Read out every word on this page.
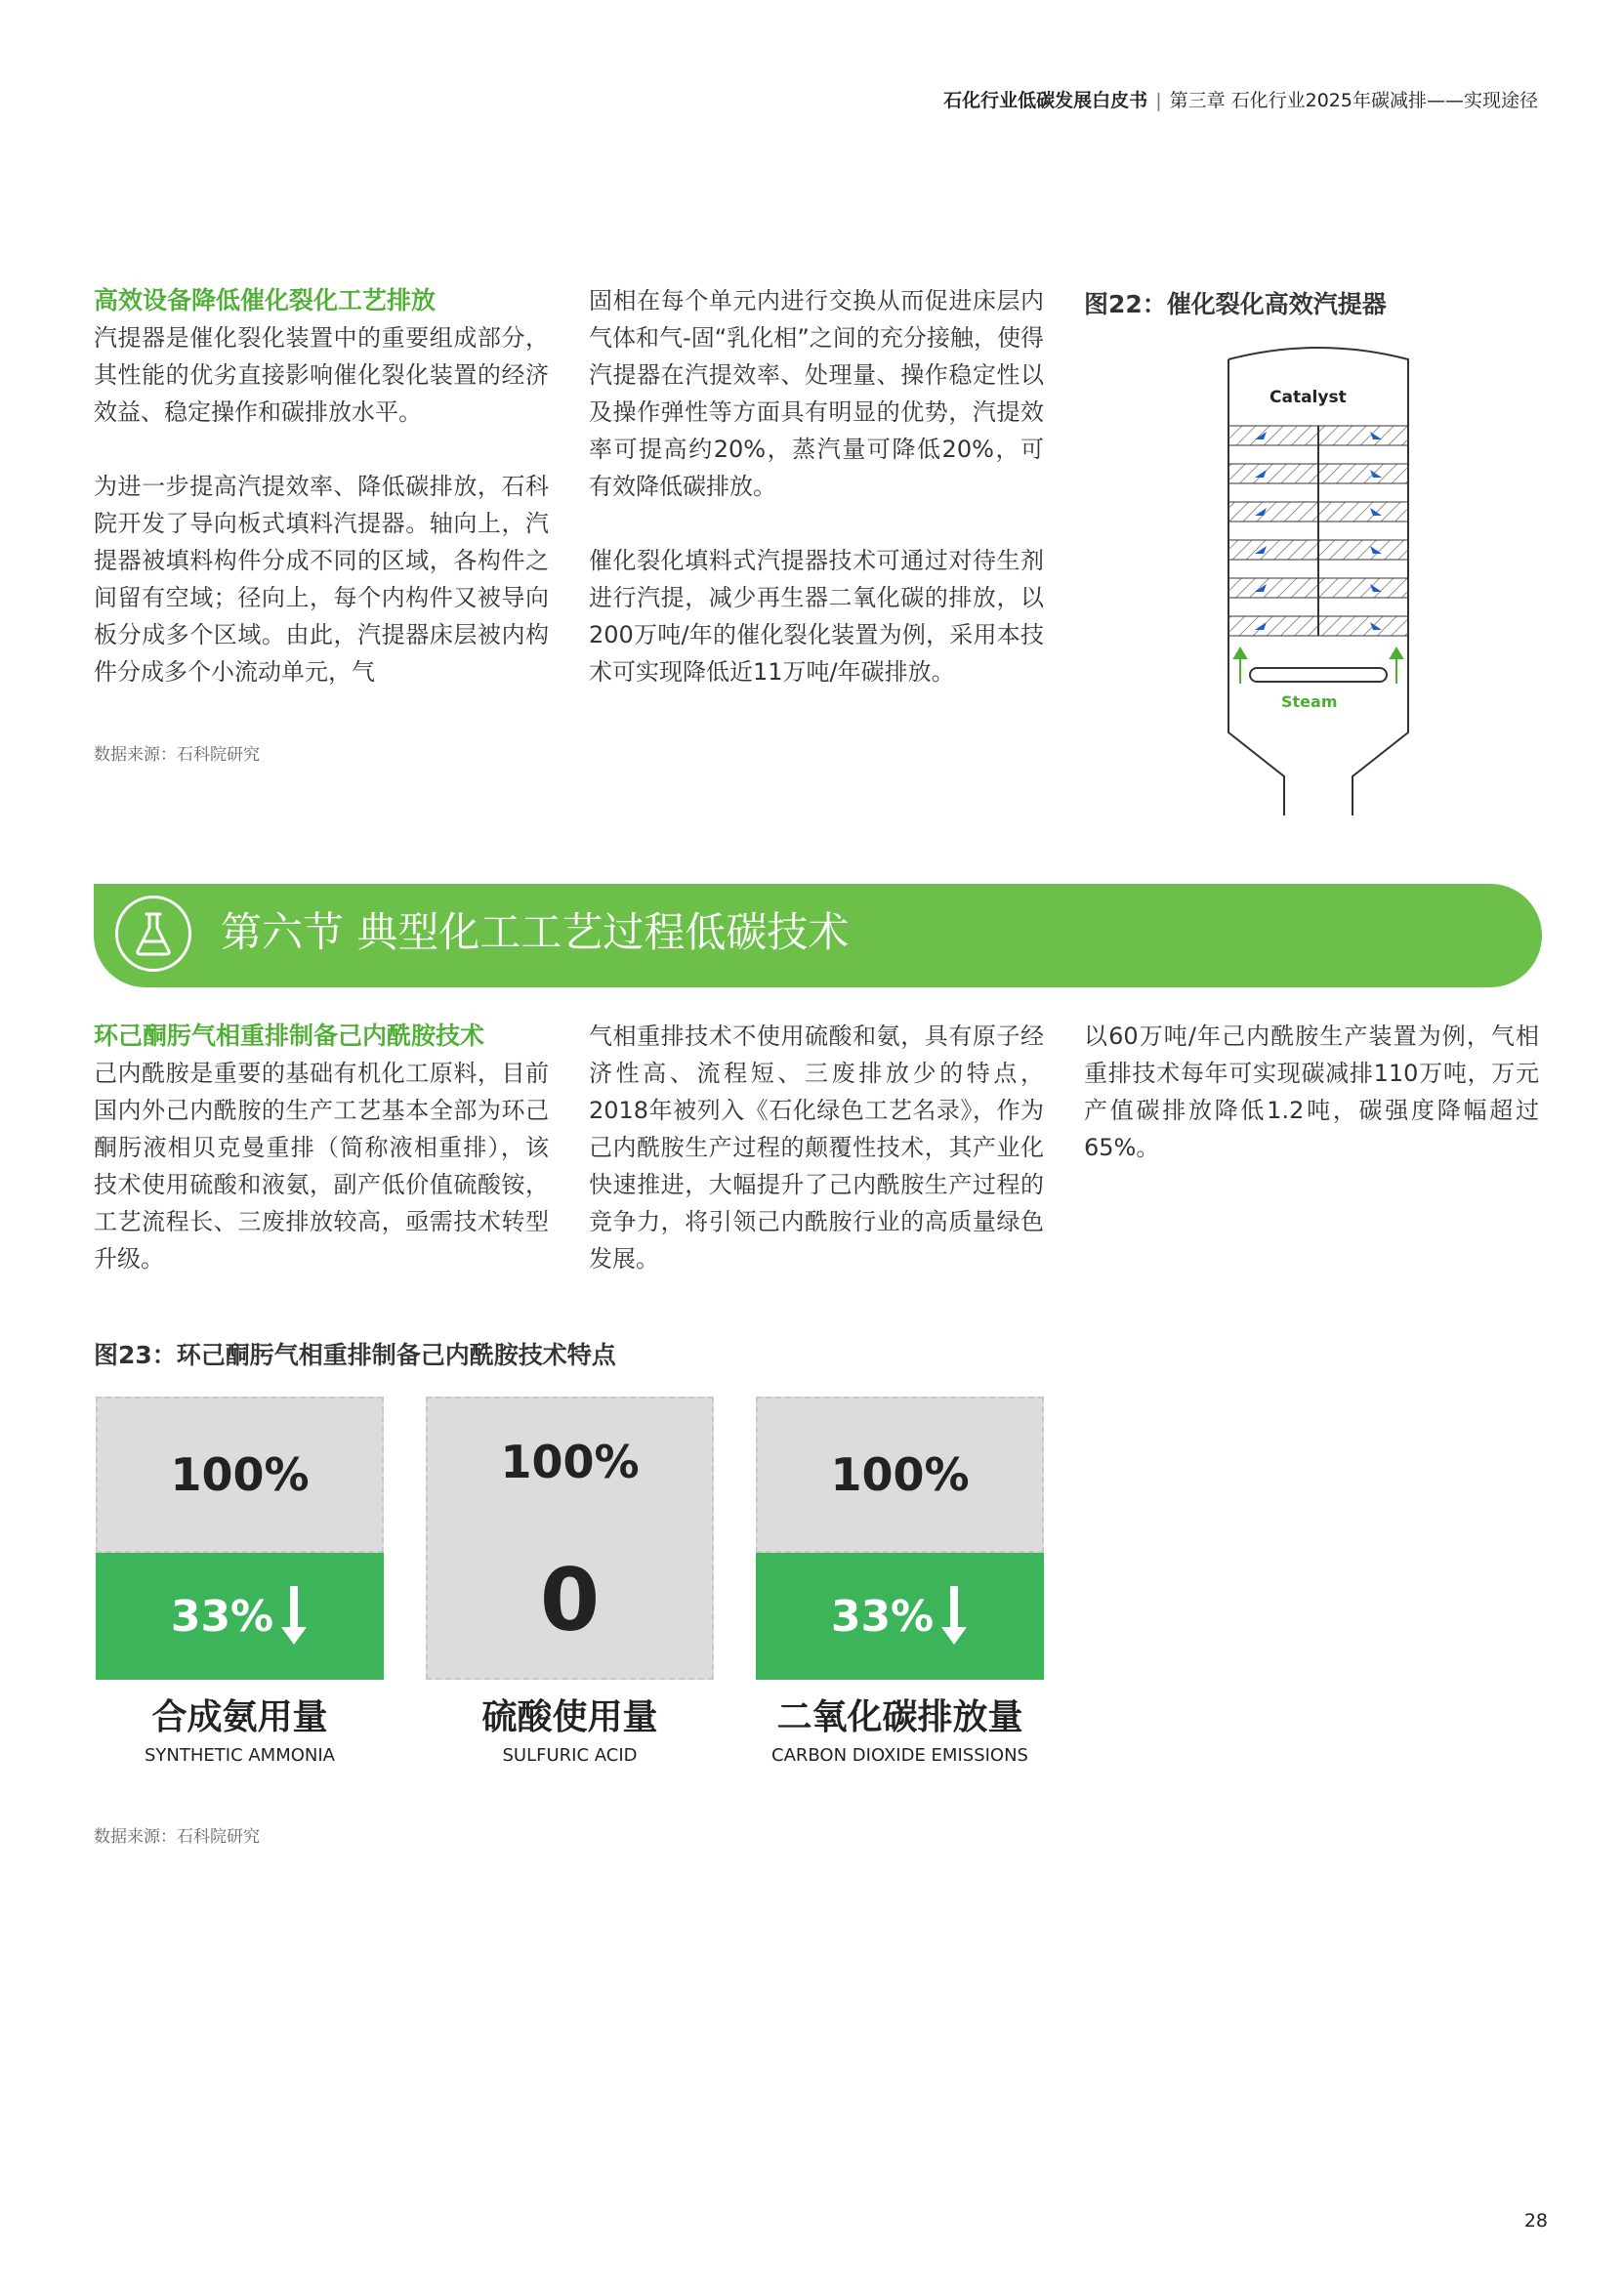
石化行业低碳发展白皮书 | 第三章 石化行业2025年碳减排——实现途径

高效设备降低催化裂化工艺排放

汽提器是催化裂化装置中的重要组成部分，其性能的优劣直接影响催化裂化装置的经济效益、稳定操作和碳排放水平。

为进一步提高汽提效率、降低碳排放，石科院开发了导向板式填料汽提器。轴向上，汽提器被填料构件分成不同的区域，各构件之间留有空域；径向上，每个内构件又被导向板分成多个区域。由此，汽提器床层被内构件分成多个小流动单元，气

固相在每个单元内进行交换从而促进床层内气体和气-固“乳化相”之间的充分接触，使得汽提器在汽提效率、处理量、操作稳定性以及操作弹性等方面具有明显的优势，汽提效率可提高约20%，蒸汽量可降低20%，可有效降低碳排放。

催化裂化填料式汽提器技术可通过对待生剂进行汽提，减少再生器二氧化碳的排放，以200万吨/年的催化裂化装置为例，采用本技术可实现降低近11万吨/年碳排放。

数据来源：石科院研究
图22：催化裂化高效汽提器
Catalyst
Steam
第六节 典型化工工艺过程低碳技术

环己酮肟气相重排制备己内酰胺技术

己内酰胺是重要的基础有机化工原料，目前国内外己内酰胺的生产工艺基本全部为环己酮肟液相贝克曼重排（简称液相重排），该技术使用硫酸和液氨，副产低价值硫酸铵，工艺流程长、三废排放较高，亟需技术转型升级。

气相重排技术不使用硫酸和氨，具有原子经济性高、流程短、三废排放少的特点，2018年被列入《石化绿色工艺名录》，作为己内酰胺生产过程的颠覆性技术，其产业化快速推进，大幅提升了己内酰胺生产过程的竞争力，将引领己内酰胺行业的高质量绿色发展。

以60万吨/年己内酰胺生产装置为例，气相重排技术每年可实现碳减排110万吨，万元产值碳排放降低1.2吨，碳强度降幅超过65%。

图23：环己酮肟气相重排制备己内酰胺技术特点
100%
33%
合成氨用量
SYNTHETIC AMMONIA
100%
0
硫酸使用量
SULFURIC ACID
100%
33%
二氧化碳排放量
CARBON DIOXIDE EMISSIONS
数据来源：石科院研究
28
